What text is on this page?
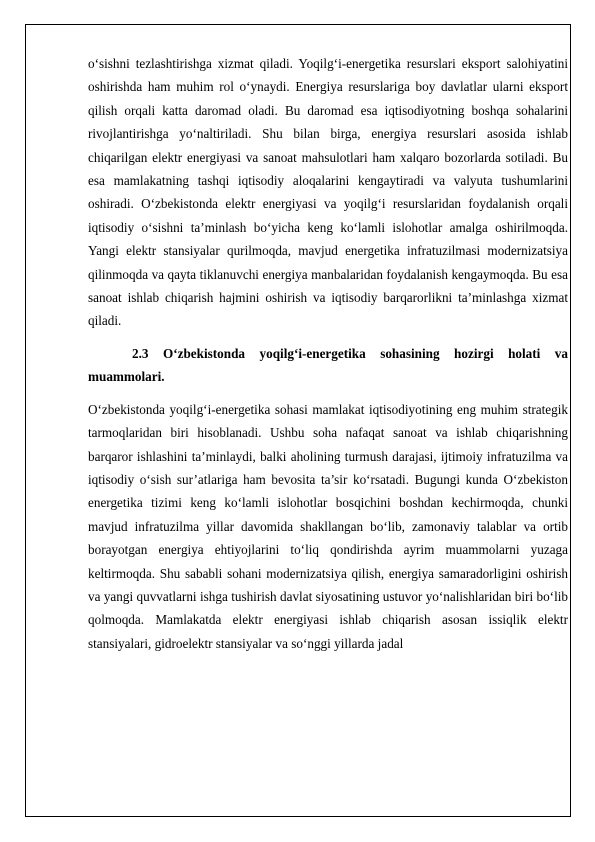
o‘sishni tezlashtirishga xizmat qiladi. Yoqilg‘i-energetika resurslari eksport salohiyatini oshirishda ham muhim rol o‘ynaydi. Energiya resurslariga boy davlatlar ularni eksport qilish orqali katta daromad oladi. Bu daromad esa iqtisodiyotning boshqa sohalarini rivojlantirishga yo‘naltiriladi. Shu bilan birga, energiya resurslari asosida ishlab chiqarilgan elektr energiyasi va sanoat mahsulotlari ham xalqaro bozorlarda sotiladi. Bu esa mamlakatning tashqi iqtisodiy aloqalarini kengaytiradi va valyuta tushumlarini oshiradi. O‘zbekistonda elektr energiyasi va yoqilg‘i resurslaridan foydalanish orqali iqtisodiy o‘sishni ta’minlash bo‘yicha keng ko‘lamli islohotlar amalga oshirilmoqda. Yangi elektr stansiyalar qurilmoqda, mavjud energetika infratuzilmasi modernizatsiya qilinmoqda va qayta tiklanuvchi energiya manbalaridan foydalanish kengaymoqda. Bu esa sanoat ishlab chiqarish hajmini oshirish va iqtisodiy barqarorlikni ta’minlashga xizmat qiladi.

2.3 O‘zbekistonda yoqilg‘i-energetika sohasining hozirgi holati va muammolari.

O‘zbekistonda yoqilg‘i-energetika sohasi mamlakat iqtisodiyotining eng muhim strategik tarmoqlaridan biri hisoblanadi. Ushbu soha nafaqat sanoat va ishlab chiqarishning barqaror ishlashini ta’minlaydi, balki aholining turmush darajasi, ijtimoiy infratuzilma va iqtisodiy o‘sish sur’atlariga ham bevosita ta’sir ko‘rsatadi. Bugungi kunda O‘zbekiston energetika tizimi keng ko‘lamli islohotlar bosqichini boshdan kechirmoqda, chunki mavjud infratuzilma yillar davomida shakllangan bo‘lib, zamonaviy talablar va ortib borayotgan energiya ehtiyojlarini to‘liq qondirishda ayrim muammolarni yuzaga keltirmoqda. Shu sababli sohani modernizatsiya qilish, energiya samaradorligini oshirish va yangi quvvatlarni ishga tushirish davlat siyosatining ustuvor yo‘nalishlaridan biri bo‘lib qolmoqda. Mamlakatda elektr energiyasi ishlab chiqarish asosan issiqlik elektr stansiyalari, gidroelektr stansiyalar va so‘nggi yillarda jadal
